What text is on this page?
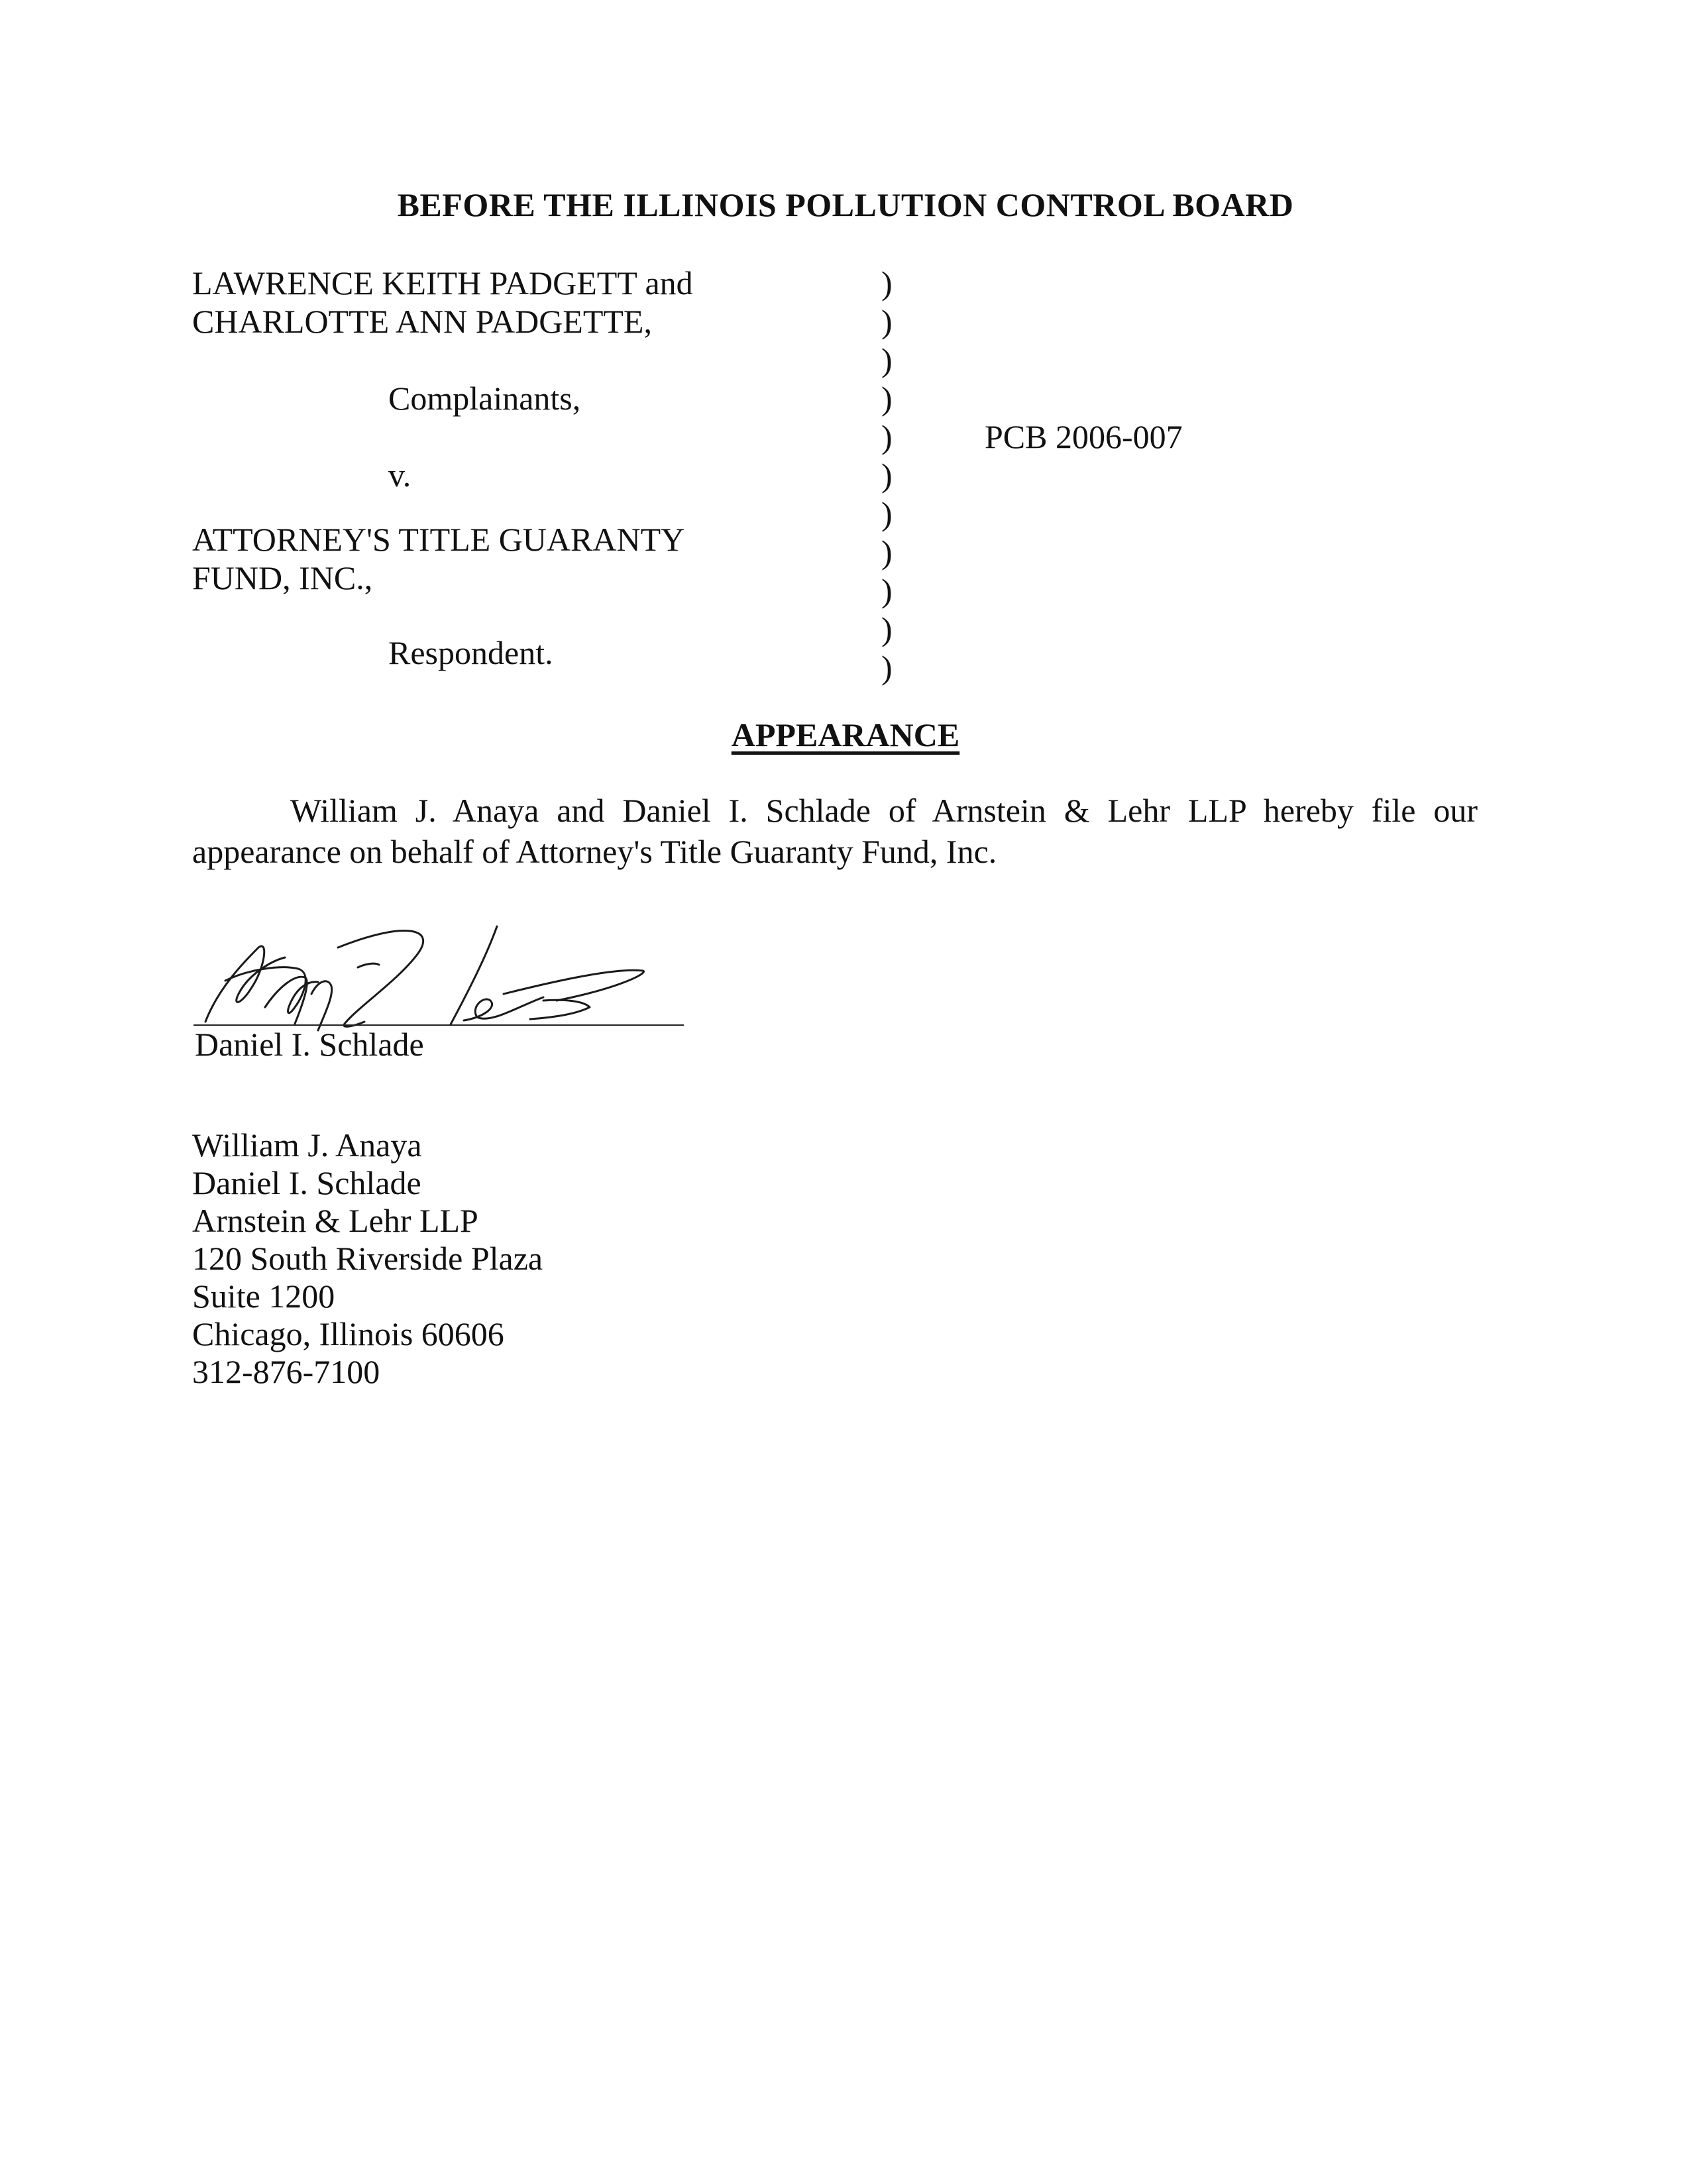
BEFORE THE ILLINOIS POLLUTION CONTROL BOARD
LAWRENCE KEITH PADGETT and
CHARLOTTE ANN PADGETTE,
Complainants,
v.
ATTORNEY'S TITLE GUARANTY
FUND, INC.,
Respondent.
)
)
)
)
)
)
)
)
)
)
)
PCB 2006-007
APPEARANCE
William J. Anaya and Daniel I. Schlade of Arnstein & Lehr LLP hereby file our
appearance on behalf of Attorney's Title Guaranty Fund, Inc.
Daniel I. Schlade
William J. Anaya
Daniel I. Schlade
Arnstein & Lehr LLP
120 South Riverside Plaza
Suite 1200
Chicago, Illinois 60606
312-876-7100
